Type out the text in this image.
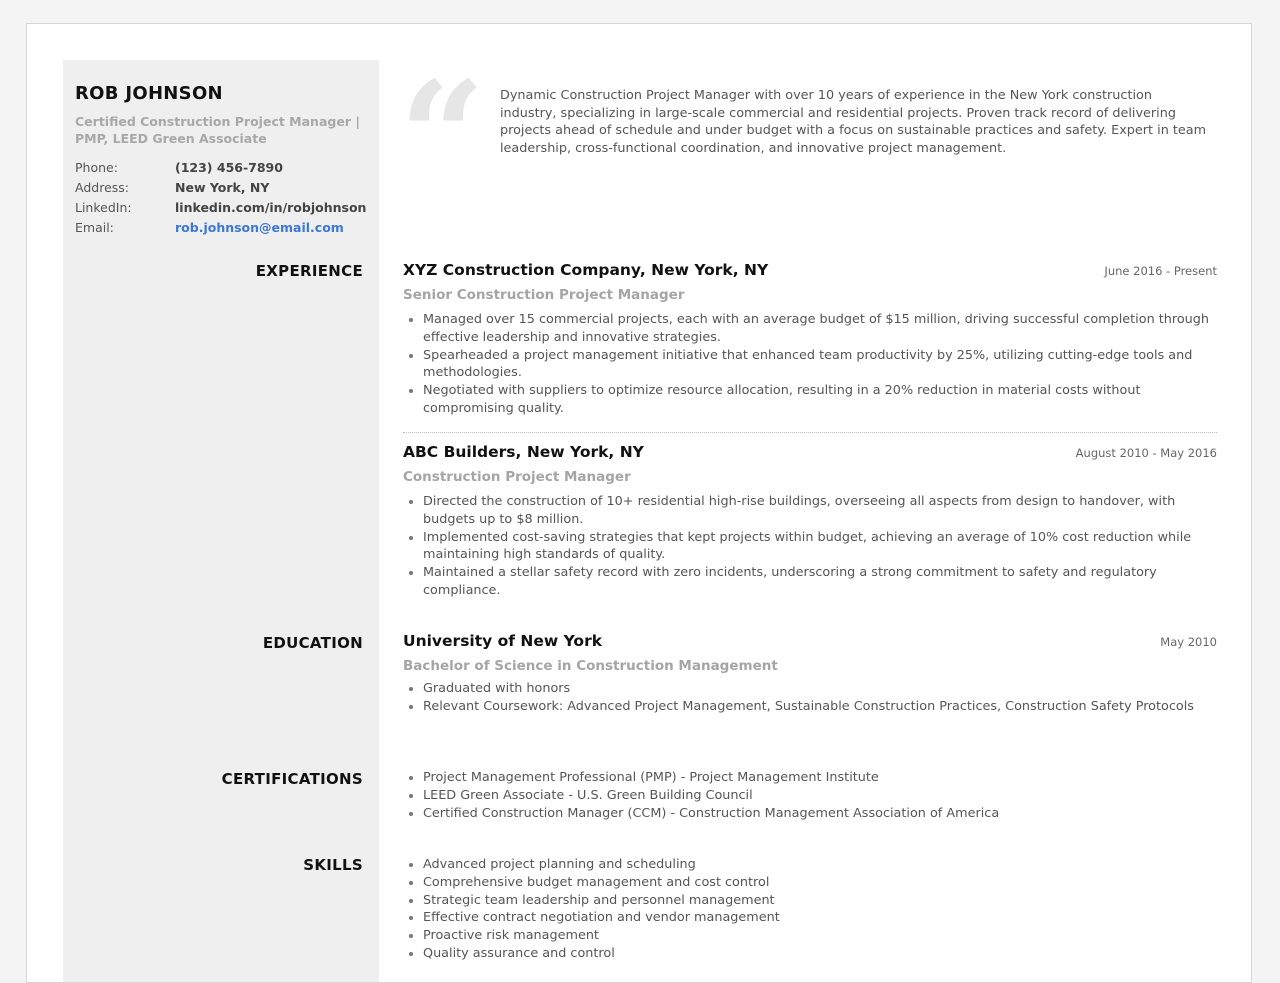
ROB JOHNSON

Certified Construction Project Manager | PMP, LEED Green Associate

Phone:	(123) 456-7890
Address:	New York, NY
LinkedIn:	linkedin.com/in/robjohnson
Email:	rob.johnson@email.com
“ Dynamic Construction Project Manager with over 10 years of experience in the New York construction industry, specializing in large-scale commercial and residential projects. Proven track record of delivering projects ahead of schedule and under budget with a focus on sustainable practices and safety. Expert in team leadership, cross-functional coordination, and innovative project management.

EXPERIENCE	XYZ Construction Company, New York, NY	June 2016 - Present
Senior Construction Project Manager
Managed over 15 commercial projects, each with an average budget of $15 million, driving successful completion through effective leadership and innovative strategies.
Spearheaded a project management initiative that enhanced team productivity by 25%, utilizing cutting-edge tools and methodologies.
Negotiated with suppliers to optimize resource allocation, resulting in a 20% reduction in material costs without compromising quality.
ABC Builders, New York, NY	August 2010 - May 2016
Construction Project Manager
Directed the construction of 10+ residential high-rise buildings, overseeing all aspects from design to handover, with budgets up to $8 million.
Implemented cost-saving strategies that kept projects within budget, achieving an average of 10% cost reduction while maintaining high standards of quality.
Maintained a stellar safety record with zero incidents, underscoring a strong commitment to safety and regulatory compliance.
EDUCATION	University of New York	May 2010
Bachelor of Science in Construction Management
Graduated with honors
Relevant Coursework: Advanced Project Management, Sustainable Construction Practices, Construction Safety Protocols
CERTIFICATIONS	Project Management Professional (PMP) - Project Management Institute
LEED Green Associate - U.S. Green Building Council
Certified Construction Manager (CCM) - Construction Management Association of America
SKILLS	Advanced project planning and scheduling
Comprehensive budget management and cost control
Strategic team leadership and personnel management
Effective contract negotiation and vendor management
Proactive risk management
Quality assurance and control
